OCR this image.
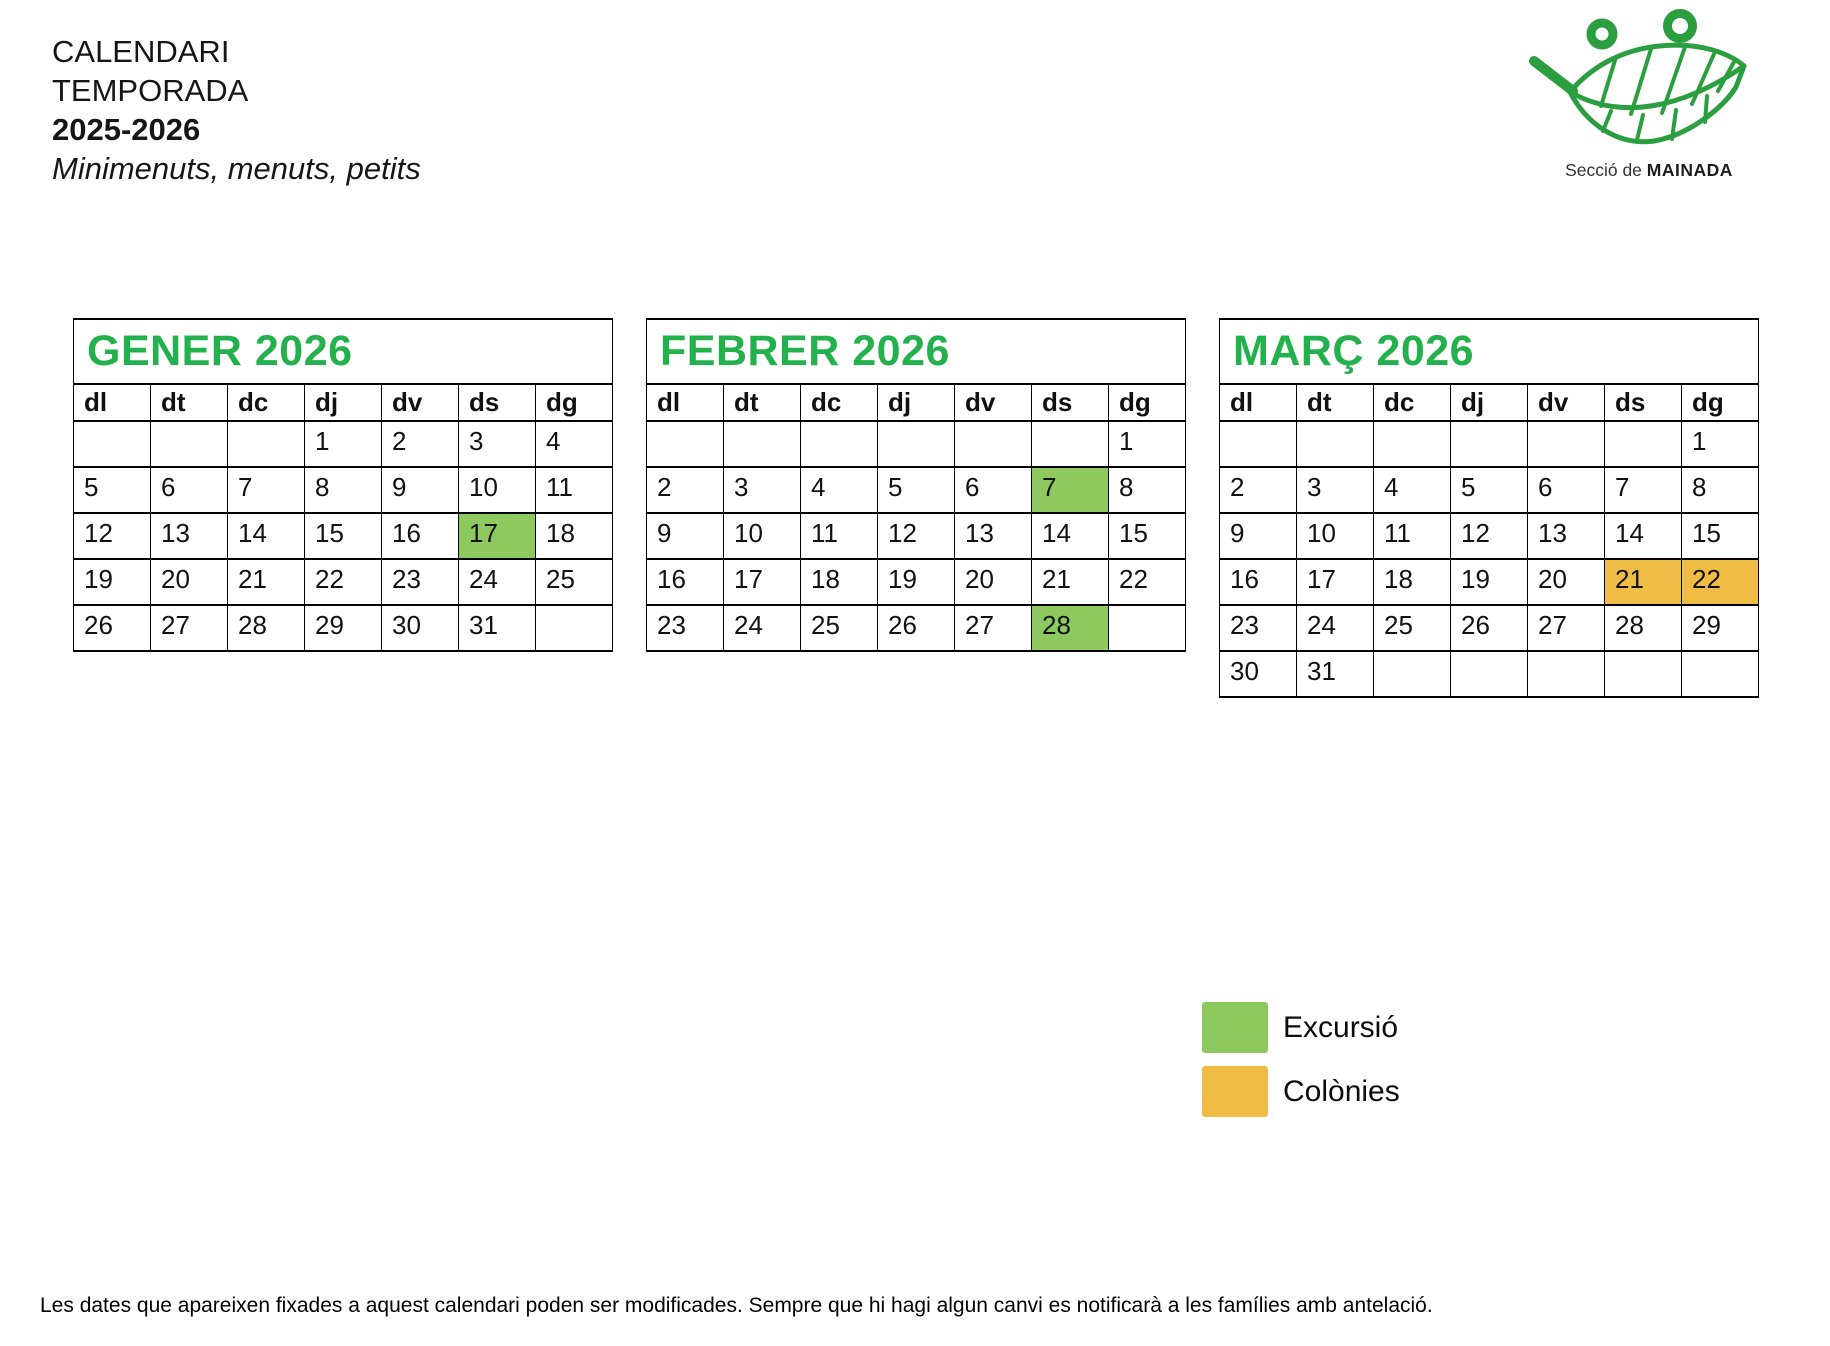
CALENDARI
TEMPORADA
2025-2026
Minimenuts, menuts, petits	Secció de MAINADA
GENER 2026						
dl	dt	dc	dj	dv	ds	dg
			1	2	3	4
5	6	7	8	9	10	11
12	13	14	15	16	17	18
19	20	21	22	23	24	25
26	27	28	29	30	31	
FEBRER 2026						
dl	dt	dc	dj	dv	ds	dg
						1
2	3	4	5	6	7	8
9	10	11	12	13	14	15
16	17	18	19	20	21	22
23	24	25	26	27	28	
MARÇ 2026						
dl	dt	dc	dj	dv	ds	dg
						1
2	3	4	5	6	7	8
9	10	11	12	13	14	15
16	17	18	19	20	21	22
23	24	25	26	27	28	29
30	31					
Excursió
Colònies
Les dates que apareixen fixades a aquest calendari poden ser modificades. Sempre que hi hagi algun canvi es notificarà a les famílies amb antelació.
